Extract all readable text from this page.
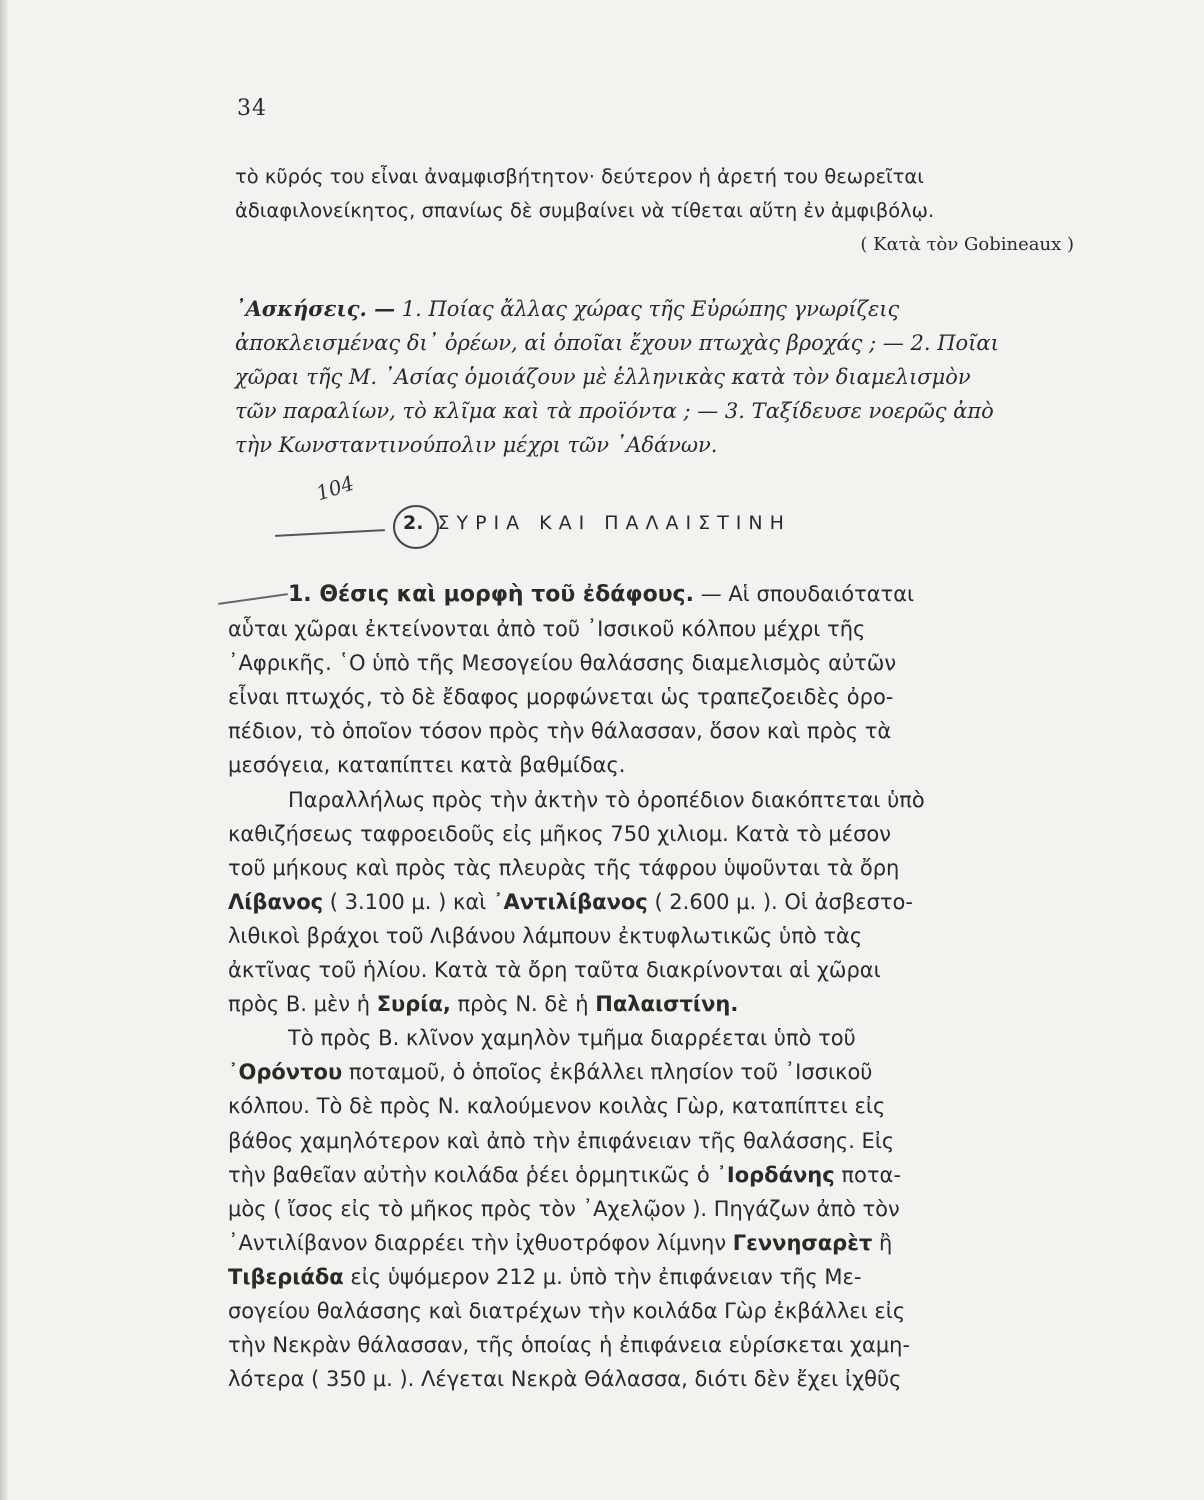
34

τὸ κῦρός του εἶναι ἀναμφισβήτητον· δεύτερον ἡ ἀρετή του θεωρεῖται

ἀδιαφιλονείκητος, σπανίως δὲ συμβαίνει νὰ τίθεται αὕτη ἐν ἀμφιβόλῳ.

( Κατὰ τὸν Gobineaux )

᾿Ασκήσεις. — 1. Ποίας ἄλλας χώρας τῆς Εὐρώπης γνωρίζεις

ἀποκλεισμένας δι᾿ ὀρέων, αἱ ὁποῖαι ἔχουν πτωχὰς βροχάς ; — 2. Ποῖαι

χῶραι τῆς Μ. ᾿Ασίας ὁμοιάζουν μὲ ἑλληνικὰς κατὰ τὸν διαμελισμὸν

τῶν παραλίων, τὸ κλῖμα καὶ τὰ προϊόντα ; — 3. Ταξίδευσε νοερῶς ἀπὸ

τὴν Κωνσταντινούπολιν μέχρι τῶν ᾿Αδάνων.

104
2. ΣΥΡΙΑ ΚΑΙ ΠΑΛΑΙΣΤΙΝΗ

1. Θέσις καὶ μορφὴ τοῦ ἐδάφους. — Αἱ σπουδαιόταται

αὗται χῶραι ἐκτείνονται ἀπὸ τοῦ ᾿Ισσικοῦ κόλπου μέχρι τῆς

᾿Αφρικῆς. ῾Ο ὑπὸ τῆς Μεσογείου θαλάσσης διαμελισμὸς αὐτῶν

εἶναι πτωχός, τὸ δὲ ἔδαφος μορφώνεται ὡς τραπεζοειδὲς ὀρο-

πέδιον, τὸ ὁποῖον τόσον πρὸς τὴν θάλασσαν, ὅσον καὶ πρὸς τὰ

μεσόγεια, καταπίπτει κατὰ βαθμίδας.

Παραλλήλως πρὸς τὴν ἀκτὴν τὸ ὀροπέδιον διακόπτεται ὑπὸ

καθιζήσεως ταφροειδοῦς εἰς μῆκος 750 χιλιομ. Κατὰ τὸ μέσον

τοῦ μήκους καὶ πρὸς τὰς πλευρὰς τῆς τάφρου ὑψοῦνται τὰ ὄρη

Λίβανος ( 3.100 μ. ) καὶ ᾿Αντιλίβανος ( 2.600 μ. ). Οἱ ἀσβεστο-

λιθικοὶ βράχοι τοῦ Λιβάνου λάμπουν ἐκτυφλωτικῶς ὑπὸ τὰς

ἀκτῖνας τοῦ ἡλίου. Κατὰ τὰ ὄρη ταῦτα διακρίνονται αἱ χῶραι

πρὸς Β. μὲν ἡ Συρία, πρὸς Ν. δὲ ἡ Παλαιστίνη.

Τὸ πρὸς Β. κλῖνον χαμηλὸν τμῆμα διαρρέεται ὑπὸ τοῦ

᾿Ορόντου ποταμοῦ, ὁ ὁποῖος ἐκβάλλει πλησίον τοῦ ᾿Ισσικοῦ

κόλπου. Τὸ δὲ πρὸς Ν. καλούμενον κοιλὰς Γὼρ, καταπίπτει εἰς

βάθος χαμηλότερον καὶ ἀπὸ τὴν ἐπιφάνειαν τῆς θαλάσσης. Εἰς

τὴν βαθεῖαν αὐτὴν κοιλάδα ῥέει ὁρμητικῶς ὁ ᾿Ιορδάνης ποτα-

μὸς ( ἴσος εἰς τὸ μῆκος πρὸς τὸν ᾿Αχελῷον ). Πηγάζων ἀπὸ τὸν

᾿Αντιλίβανον διαρρέει τὴν ἰχθυοτρόφον λίμνην Γεννησαρὲτ ἢ

Τιβεριάδα εἰς ὑψόμερον 212 μ. ὑπὸ τὴν ἐπιφάνειαν τῆς Με-

σογείου θαλάσσης καὶ διατρέχων τὴν κοιλάδα Γὼρ ἐκβάλλει εἰς

τὴν Νεκρὰν θάλασσαν, τῆς ὁποίας ἡ ἐπιφάνεια εὑρίσκεται χαμη-

λότερα ( 350 μ. ). Λέγεται Νεκρὰ Θάλασσα, διότι δὲν ἔχει ἰχθῦς
